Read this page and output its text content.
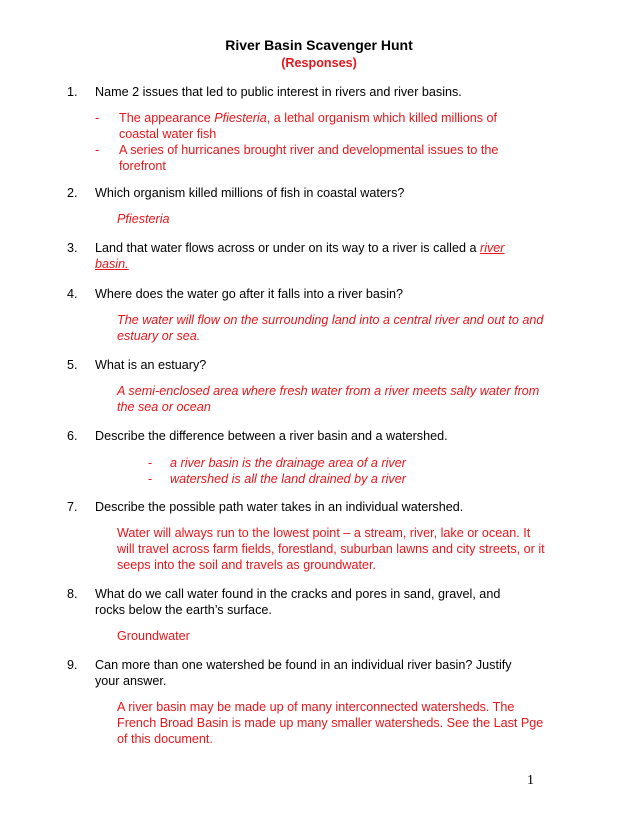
River Basin Scavenger Hunt
(Responses)
1. Name 2 issues that led to public interest in rivers and river basins.
- The appearance Pfiesteria, a lethal organism which killed millions of
coastal water fish
- A series of hurricanes brought river and developmental issues to the
forefront
2. Which organism killed millions of fish in coastal waters?
Pfiesteria
3. Land that water flows across or under on its way to a river is called a river
basin.
4. Where does the water go after it falls into a river basin?
The water will flow on the surrounding land into a central river and out to and
estuary or sea.
5. What is an estuary?
A semi-enclosed area where fresh water from a river meets salty water from
the sea or ocean
6. Describe the difference between a river basin and a watershed.
- a river basin is the drainage area of a river
- watershed is all the land drained by a river
7. Describe the possible path water takes in an individual watershed.
Water will always run to the lowest point – a stream, river, lake or ocean. It
will travel across farm fields, forestland, suburban lawns and city streets, or it
seeps into the soil and travels as groundwater.
8. What do we call water found in the cracks and pores in sand, gravel, and
rocks below the earth’s surface.
Groundwater
9. Can more than one watershed be found in an individual river basin? Justify
your answer.
A river basin may be made up of many interconnected watersheds. The
French Broad Basin is made up many smaller watersheds. See the Last Pge
of this document.
1
